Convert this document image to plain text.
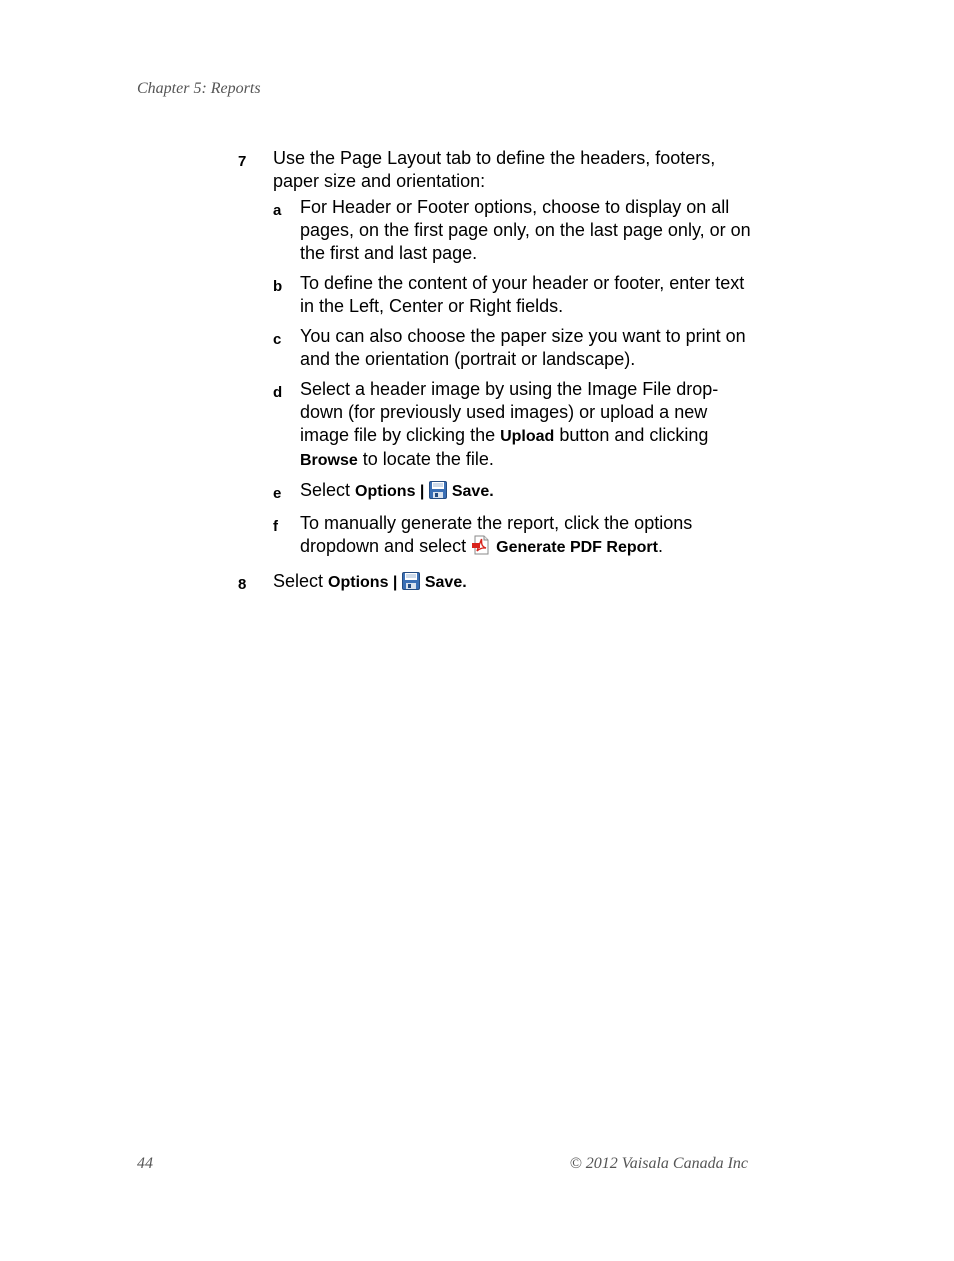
Chapter 5: Reports
7	Use the Page Layout tab to define the headers, footers, paper size and orientation:
a For Header or Footer options, choose to display on all pages, on the first page only, on the last page only, or on the first and last page.
b To define the content of your header or footer, enter text in the Left, Center or Right fields.
c You can also choose the paper size you want to print on and the orientation (portrait or landscape).
d Select a header image by using the Image File drop-down (for previously used images) or upload a new image file by clicking the Upload button and clicking Browse to locate the file.
e Select Options |  Save.
f To manually generate the report, click the options dropdown and select  Generate PDF Report.
8	Select Options |  Save.
44	© 2012 Vaisala Canada Inc
